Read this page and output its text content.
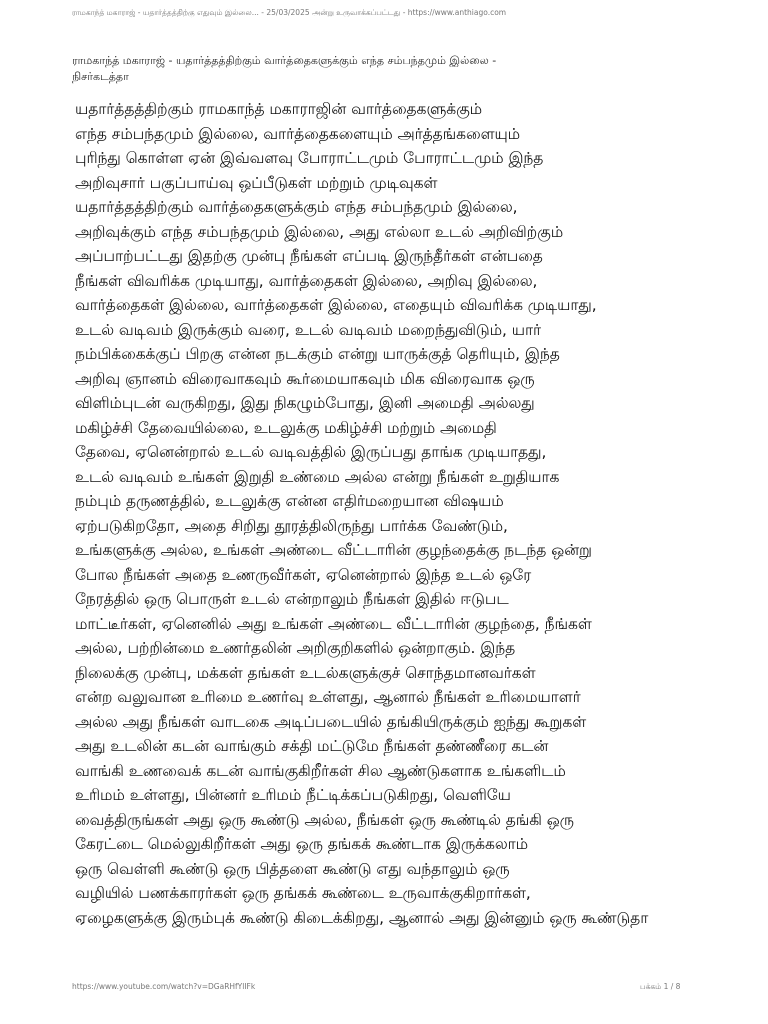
ராமகாந்த் மகாராஜ் - யதார்த்தத்திற்கு எதுவும் இல்லை... - 25/03/2025 அன்று உருவாக்கப்பட்டது - https://www.anthiago.com
ராமகாந்த் மகாராஜ் - யதார்த்தத்திற்கும் வார்த்தைகளுக்கும் எந்த சம்பந்தமும் இல்லை -
நிசர்கடத்தா
யதார்த்தத்திற்கும் ராமகாந்த் மகாராஜின் வார்த்தைகளுக்கும்
எந்த சம்பந்தமும் இல்லை, வார்த்தைகளையும் அர்த்தங்களையும்
புரிந்து கொள்ள ஏன் இவ்வளவு போராட்டமும் போராட்டமும் இந்த
அறிவுசார் பகுப்பாய்வு ஒப்பீடுகள் மற்றும் முடிவுகள்
யதார்த்தத்திற்கும் வார்த்தைகளுக்கும் எந்த சம்பந்தமும் இல்லை,
அறிவுக்கும் எந்த சம்பந்தமும் இல்லை, அது எல்லா உடல் அறிவிற்கும்
அப்பாற்பட்டது இதற்கு முன்பு நீங்கள் எப்படி இருந்தீர்கள் என்பதை
நீங்கள் விவரிக்க முடியாது, வார்த்தைகள் இல்லை, அறிவு இல்லை,
வார்த்தைகள் இல்லை, வார்த்தைகள் இல்லை, எதையும் விவரிக்க முடியாது,
உடல் வடிவம் இருக்கும் வரை, உடல் வடிவம் மறைந்துவிடும், யார்
நம்பிக்கைக்குப் பிறகு என்ன நடக்கும் என்று யாருக்குத் தெரியும், இந்த
அறிவு ஞானம் விரைவாகவும் கூர்மையாகவும் மிக விரைவாக ஒரு
விளிம்புடன் வருகிறது, இது நிகழும்போது, இனி அமைதி அல்லது
மகிழ்ச்சி தேவையில்லை, உடலுக்கு மகிழ்ச்சி மற்றும் அமைதி
தேவை, ஏனென்றால் உடல் வடிவத்தில் இருப்பது தாங்க முடியாதது,
உடல் வடிவம் உங்கள் இறுதி உண்மை அல்ல என்று நீங்கள் உறுதியாக
நம்பும் தருணத்தில், உடலுக்கு என்ன எதிர்மறையான விஷயம்
ஏற்படுகிறதோ, அதை சிறிது தூரத்திலிருந்து பார்க்க வேண்டும்,
உங்களுக்கு அல்ல, உங்கள் அண்டை வீட்டாரின் குழந்தைக்கு நடந்த ஒன்று
போல நீங்கள் அதை உணருவீர்கள், ஏனென்றால் இந்த உடல் ஒரே
நேரத்தில் ஒரு பொருள் உடல் என்றாலும் நீங்கள் இதில் ஈடுபட
மாட்டீர்கள், ஏனெனில் அது உங்கள் அண்டை வீட்டாரின் குழந்தை, நீங்கள்
அல்ல, பற்றின்மை உணர்தலின் அறிகுறிகளில் ஒன்றாகும். இந்த
நிலைக்கு முன்பு, மக்கள் தங்கள் உடல்களுக்குச் சொந்தமானவர்கள்
என்ற வலுவான உரிமை உணர்வு உள்ளது, ஆனால் நீங்கள் உரிமையாளர்
அல்ல அது நீங்கள் வாடகை அடிப்படையில் தங்கியிருக்கும் ஐந்து கூறுகள்
அது உடலின் கடன் வாங்கும் சக்தி மட்டுமே நீங்கள் தண்ணீரை கடன்
வாங்கி உணவைக் கடன் வாங்குகிறீர்கள் சில ஆண்டுகளாக உங்களிடம்
உரிமம் உள்ளது, பின்னர் உரிமம் நீட்டிக்கப்படுகிறது, வெளியே
வைத்திருங்கள் அது ஒரு கூண்டு அல்ல, நீங்கள் ஒரு கூண்டில் தங்கி ஒரு
கேரட்டை மெல்லுகிறீர்கள் அது ஒரு தங்கக் கூண்டாக இருக்கலாம்
ஒரு வெள்ளி கூண்டு ஒரு பித்தளை கூண்டு எது வந்தாலும் ஒரு
வழியில் பணக்காரர்கள் ஒரு தங்கக் கூண்டை உருவாக்குகிறார்கள்,
ஏழைகளுக்கு இரும்புக் கூண்டு கிடைக்கிறது, ஆனால் அது இன்னும் ஒரு கூண்டுதா
https://www.youtube.com/watch?v=DGaRHfYlIFk	பக்கம் 1 / 8
